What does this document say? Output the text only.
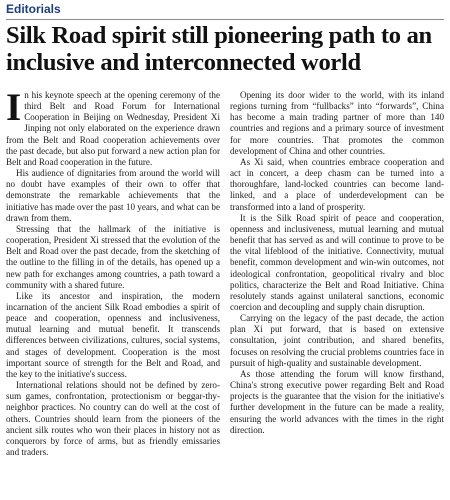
Editorials
Silk Road spirit still pioneering path to an inclusive and interconnected world

In his keynote speech at the opening ceremony of the third Belt and Road Forum for International Cooperation in Beijing on Wednesday, President Xi Jinping not only elaborated on the experience drawn from the Belt and Road cooperation achievements over the past decade, but also put forward a new action plan for Belt and Road cooperation in the future.

His audience of dignitaries from around the world will no doubt have examples of their own to offer that demonstrate the remarkable achievements that the initiative has made over the past 10 years, and what can be drawn from them.

Stressing that the hallmark of the initiative is cooperation, President Xi stressed that the evolution of the Belt and Road over the past decade, from the sketching of the outline to the filling in of the details, has opened up a new path for exchanges among countries, a path toward a community with a shared future.

Like its ancestor and inspiration, the modern incarnation of the ancient Silk Road embodies a spirit of peace and cooperation, openness and inclusiveness, mutual learning and mutual benefit. It transcends differences between civilizations, cultures, social systems, and stages of development. Cooperation is the most important source of strength for the Belt and Road, and the key to the initiative's success.

International relations should not be defined by zero-sum games, confrontation, protectionism or beggar-thy-neighbor practices. No country can do well at the cost of others. Countries should learn from the pioneers of the ancient silk routes who won their places in history not as conquerors by force of arms, but as friendly emissaries and traders.

Opening its door wider to the world, with its inland regions turning from “fullbacks” into “forwards”, China has become a main trading partner of more than 140 countries and regions and a primary source of investment for more countries. That promotes the common development of China and other countries.

As Xi said, when countries embrace cooperation and act in concert, a deep chasm can be turned into a thoroughfare, land-locked countries can become land-linked, and a place of underdevelopment can be transformed into a land of prosperity.

It is the Silk Road spirit of peace and cooperation, openness and inclusiveness, mutual learning and mutual benefit that has served as and will continue to prove to be the vital lifeblood of the initiative. Connectivity, mutual benefit, common development and win-win outcomes, not ideological confrontation, geopolitical rivalry and bloc politics, characterize the Belt and Road Initiative. China resolutely stands against unilateral sanctions, economic coercion and decoupling and supply chain disruption.

Carrying on the legacy of the past decade, the action plan Xi put forward, that is based on extensive consultation, joint contribution, and shared benefits, focuses on resolving the crucial problems countries face in pursuit of high-quality and sustainable development.

As those attending the forum will know firsthand, China's strong executive power regarding Belt and Road projects is the guarantee that the vision for the initiative's further development in the future can be made a reality, ensuring the world advances with the times in the right direction.
